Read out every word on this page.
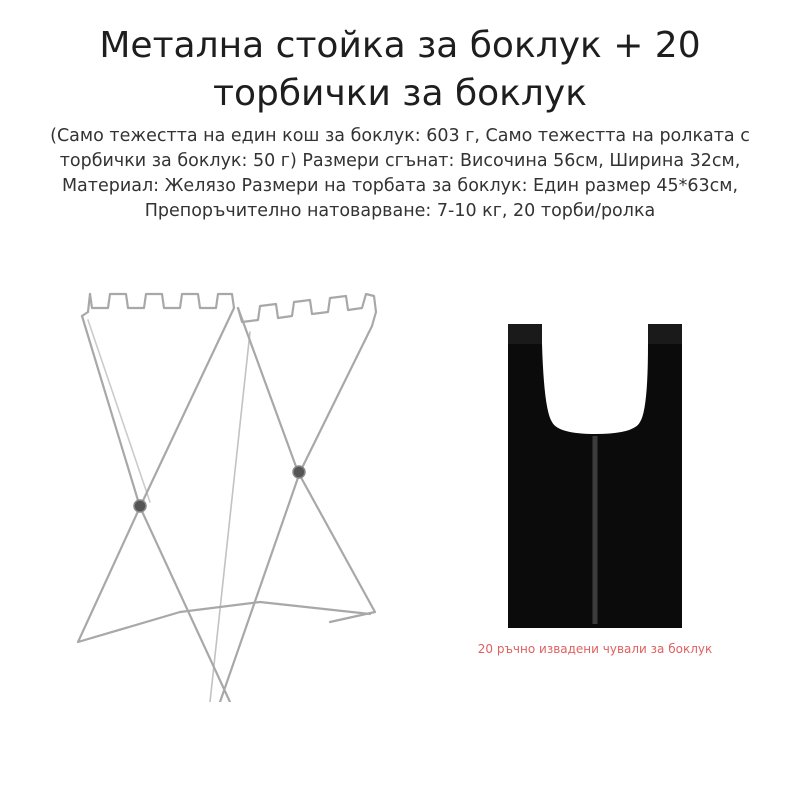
Метална стойка за боклук + 20 торбички за боклук

(Само тежестта на един кош за боклук: 603 г, Само тежестта на ролката с торбички за боклук: 50 г) Размери сгънат: Височина 56см, Ширина 32см, Материал: Желязо Размери на торбата за боклук: Един размер 45*63см, Препоръчително натоварване: 7-10 кг, 20 торби/ролка

20 ръчно извадени чували за боклук
